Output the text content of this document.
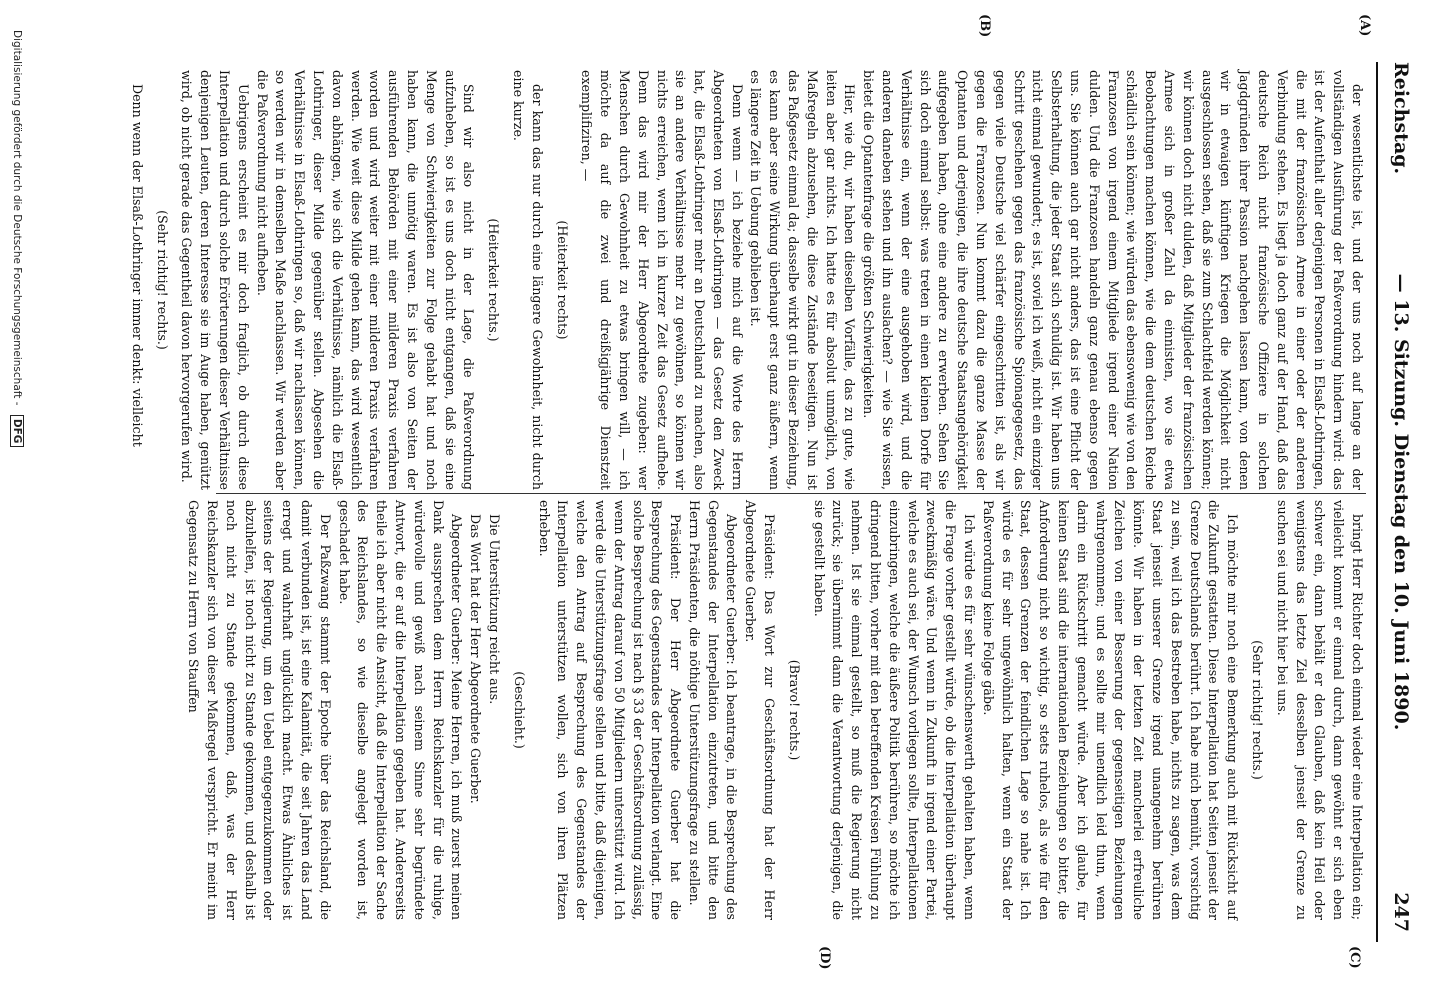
Reichstag.
— 13. Sitzung. Dienstag den 10. Juni 1890.
247
(A)
(B)
(C)
(D)

der wesentlichste ist, und der uns noch auf lange an der vollständigen Ausführung der Paßverordnung hindern wird: das ist der Aufenthalt aller derjenigen Personen in Elsaß-Lothringen, die mit der französischen Armee in einer oder der anderen Verbindung stehen. Es liegt ja doch ganz auf der Hand, daß das deutsche Reich nicht französische Offiziere in solchen Jagdgründen ihrer Passion nachgehen lassen kann, von denen wir in etwaigen künftigen Kriegen die Möglichkeit nicht ausgeschlossen sehen, daß sie zum Schlachtfeld werden können; wir können doch nicht dulden, daß Mitglieder der französischen Armee sich in großer Zahl da einnisten, wo sie etwa Beobachtungen machen können, wie die dem deutschen Reiche schädlich sein können; wie würden das ebensowenig wie von den Franzosen von irgend einem Mitgliede irgend einer Nation dulden. Und die Franzosen handeln ganz genau ebenso gegen uns. Sie können auch gar nicht anders, das ist eine Pflicht der Selbsterhaltung, die jeder Staat sich schuldig ist. Wir haben uns nicht einmal gewundert; es ist, soviel ich weiß, nicht ein einziger Schritt geschehen gegen das französische Spionagegesetz, das gegen viele Deutsche viel schärfer eingeschritten ist, als wir gegen die Franzosen. Nun kommt dazu die ganze Masse der Optanten und derjenigen, die ihre deutsche Staatsangehörigkeit aufgegeben haben, ohne eine andere zu erwerben. Sehen Sie sich doch einmal selbst: was treten in einen kleinen Dorfe für Verhältnisse ein, wenn der eine ausgehoben wird, und die anderen daneben stehen und ihn auslachen? — wie Sie wissen, bietet die Optantenfrage die größten Schwierigkeiten.

Hier, wie du, wir haben dieselben Vorfälle, das zu gute, wie leiten aber gar nichts. Ich hatte es für absolut unmöglich, von Maßregeln abzusehen, die diese Zustände beseitigen. Nun ist das Paßgesetz einmal da; dasselbe wirkt gut in dieser Beziehung, es kann aber seine Wirkung überhaupt erst ganz äußern, wenn es längere Zeit in Uebung geblieben ist.

Denn wenn — ich beziehe mich auf die Worte des Herrn Abgeordneten von Elsaß-Lothringen — das Gesetz den Zweck hat, die Elsaß-Lothringer mehr an Deutschland zu machen, also sie an andere Verhältnisse mehr zu gewöhnen, so können wir nichts erreichen, wenn ich in kurzer Zeit das Gesetz aufhebe. Denn das wird mir der Herr Abgeordnete zugeben: wer Menschen durch Gewohnheit zu etwas bringen will, — ich möchte da auf die zwei und dreißigjährige Dienstzeit exemplifiziren, —

(Heiterkeit rechts)

der kann das nur durch eine längere Gewohnheit, nicht durch eine kurze.

(Heiterkeit rechts.)

Sind wir also nicht in der Lage, die Paßverordnung aufzuheben, so ist es uns doch nicht entgangen, daß sie eine Menge von Schwierigkeiten zur Folge gehabt hat und noch haben kann, die unnötig waren. Es ist also von Seiten der ausführenden Behörden mit einer milderen Praxis verfahren worden und wird weiter mit einer milderen Praxis verfahren werden. Wie weit diese Milde gehen kann, das wird wesentlich davon abhängen, wie sich die Verhältnisse, nämlich die Elsaß-Lothringer, dieser Milde gegenüber stellen. Abgesehen die Verhältnisse in Elsaß-Lothringen so, daß wir nachlassen können, so werden wir in demselben Maße nachlassen. Wir werden aber die Paßverordnung nicht aufheben.

Uebrigens erscheint es mir doch fraglich, ob durch diese Interpellation und durch solche Erörterungen dieser Verhältnisse denjenigen Leuten, deren Interesse sie im Auge haben, genützt wird, ob nicht gerade das Gegentheil davon hervorgerufen wird.

(Sehr richtig! rechts.)

Denn wenn der Elsaß-Lothringer immer denkt: vielleicht

bringt Herr Richter doch einmal wieder eine Interpellation ein; vielleicht kommt er einmal durch, dann gewöhnt er sich eben schwer ein, dann behält er den Glauben, daß kein Heil oder wenigstens das letzte Ziel desselben jenseit der Grenze zu suchen sei und nicht hier bei uns.

(Sehr richtig! rechts.)

Ich möchte mir noch eine Bemerkung auch mit Rücksicht auf die Zukunft gestatten. Diese Interpellation hat Seiten jenseit der Grenze Deutschlands berührt. Ich habe mich bemüht, vorsichtig zu sein, weil ich das Bestreben habe, nichts zu sagen, was dem Staat jenseit unserer Grenze irgend unangenehm berühren könnte. Wir haben in der letzten Zeit mancherlei erfreuliche Zeichen von einer Besserung der gegenseitigen Beziehungen wahrgenommen; und es sollte mir unendlich leid thun, wenn darin ein Rückschritt gemacht würde. Aber ich glaube, für keinen Staat sind die internationalen Beziehungen so bitter, die Anforderung nicht so wichtig, so stets ruhelos, als wie für den Staat, dessen Grenzen der feindlichen Lage so nahe ist. Ich würde es für sehr ungewöhnlich halten, wenn ein Staat der Paßverordnung keine Folge gäbe.

Ich würde es für sehr wünschenswerth gehalten haben, wenn die Frage vorher gestellt würde, ob die Interpellation überhaupt zweckmäßig wäre. Und wenn in Zukunft in irgend einer Partei, welche es auch sei, der Wunsch vorliegen sollte, Interpellationen einzubringen, welche die äußere Politik berühren, so möchte ich dringend bitten, vorher mit den betreffenden Kreisen Fühlung zu nehmen. Ist sie einmal gestellt, so muß die Regierung nicht zurück; sie übernimmt dann die Verantwortung derjenigen, die sie gestellt haben.

(Bravo! rechts.)

Präsident: Das Wort zur Geschäftsordnung hat der Herr Abgeordnete Guerber.

Abgeordneter Guerber: Ich beantrage, in die Besprechung des Gegenstandes der Interpellation einzutreten, und bitte den Herrn Präsidenten, die nöthige Unterstützungsfrage zu stellen.

Präsident: Der Herr Abgeordnete Guerber hat die Besprechung des Gegenstandes der Interpellation verlangt. Eine solche Besprechung ist nach § 33 der Geschäftsordnung zulässig, wenn der Antrag darauf von 50 Mitgliedern unterstützt wird. Ich werde die Unterstützungsfrage stellen und bitte, daß diejenigen, welche den Antrag auf Besprechung des Gegenstandes der Interpellation unterstützen wollen, sich von ihren Plätzen erheben.

(Geschieht.)

Die Unterstützung reicht aus.

Das Wort hat der Herr Abgeordnete Guerber.

Abgeordneter Guerber: Meine Herren, ich muß zuerst meinen Dank aussprechen dem Herrn Reichskanzler für die ruhige, würdevolle und gewiß nach seinem Sinne sehr begründete Antwort, die er auf die Interpellation gegeben hat. Andererseits theile ich aber nicht die Ansicht, daß die Interpellation der Sache des Reichslandes, so wie dieselbe angelegt worden ist, geschadet habe.

Der Paßzwang stammt der Epoche über das Reichsland, die damit verbunden ist, ist eine Kalamität, die seit Jahren das Land erregt und wahrhaft unglücklich macht. Etwas Ähnliches ist seitens der Regierung, um den Uebel entgegenzukommen oder abzuhelfen, ist noch nicht zu Stande gekommen, und deshalb ist noch nicht zu Stande gekommen, daß, was der Herr Reichskanzler sich von dieser Maßregel verspricht. Er meint im Gegensatz zu Herrn von Stauffen

Digitalisierung gefördert durch die Deutsche Forschungsgemeinschaft - DFG
